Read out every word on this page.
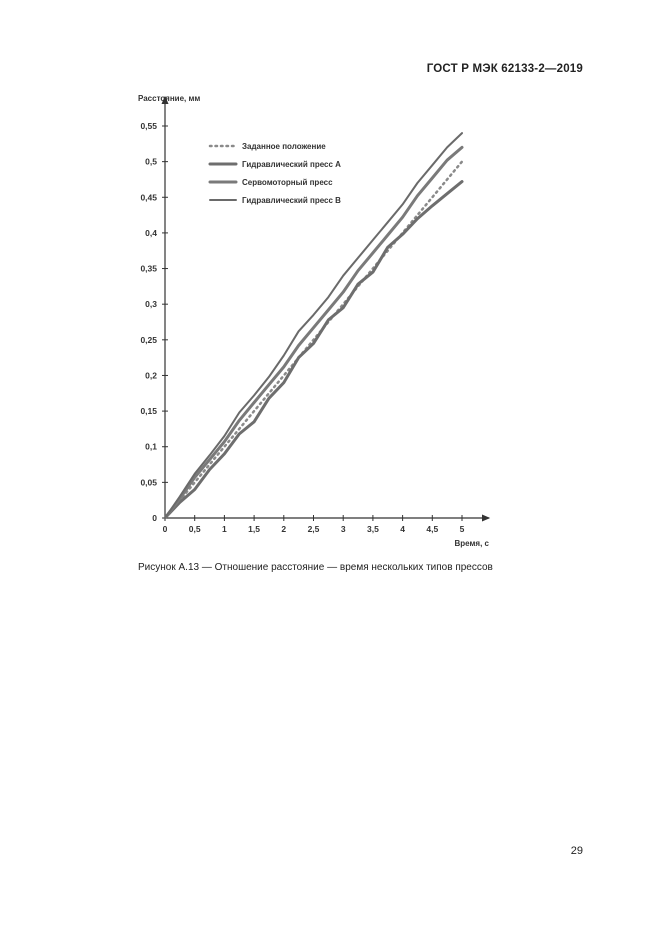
ГОСТ Р МЭК 62133-2—2019
0	0,5	1	1,5	2	2,5	3	3,5	4	4,5	5
0
0,05
0,1
0,15
0,2
0,25
0,3
0,35
0,4
0,45
0,5
0,55
Расстояние, мм
Время, с
Заданное положение
Гидравлический пресс А
Сервомоторный пресс
Гидравлический пресс В
Рисунок А.13 — Отношение расстояние — время нескольких типов прессов
29
